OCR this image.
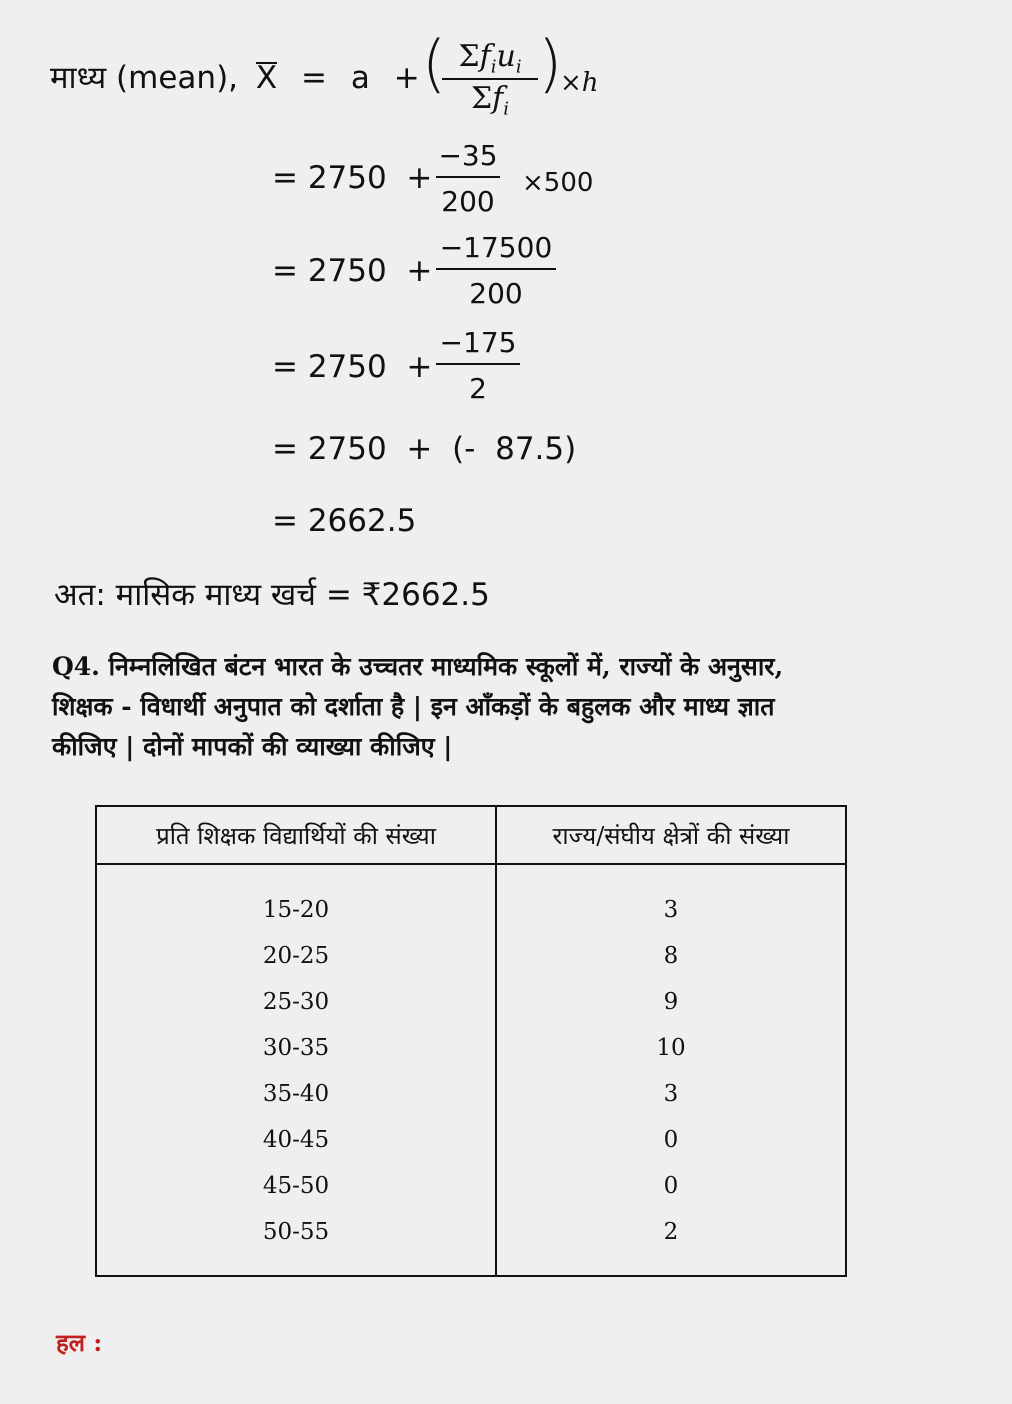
माध्य (mean), X = a + ( $\Sigma f_iu_i$
$\Sigma f_i$
)
×h
= $2750 + \frac{-35}{200} \times 500$
= $2750 + \frac{-17500}{200}$
= $2750 + \frac{-175}{2}$
= 2750  +  (-  87.5)
= 2662.5
अत: मासिक माध्य खर्च = ₹2662.5
Q4. निम्नलिखित बंटन भारत के उच्चतर माध्यमिक स्कूलों में, राज्यों के अनुसार,
शिक्षक - विधार्थी अनुपात को दर्शाता है | इन आँकड़ों के बहुलक और माध्य ज्ञात
कीजिए | दोनों मापकों की व्याख्या कीजिए |
प्रति शिक्षक विद्यार्थियों की संख्या	राज्य/संघीय क्षेत्रों की संख्या
15-20	3
20-25	8
25-30	9
30-35	10
35-40	3
40-45	0
45-50	0
50-55	2
हल :
